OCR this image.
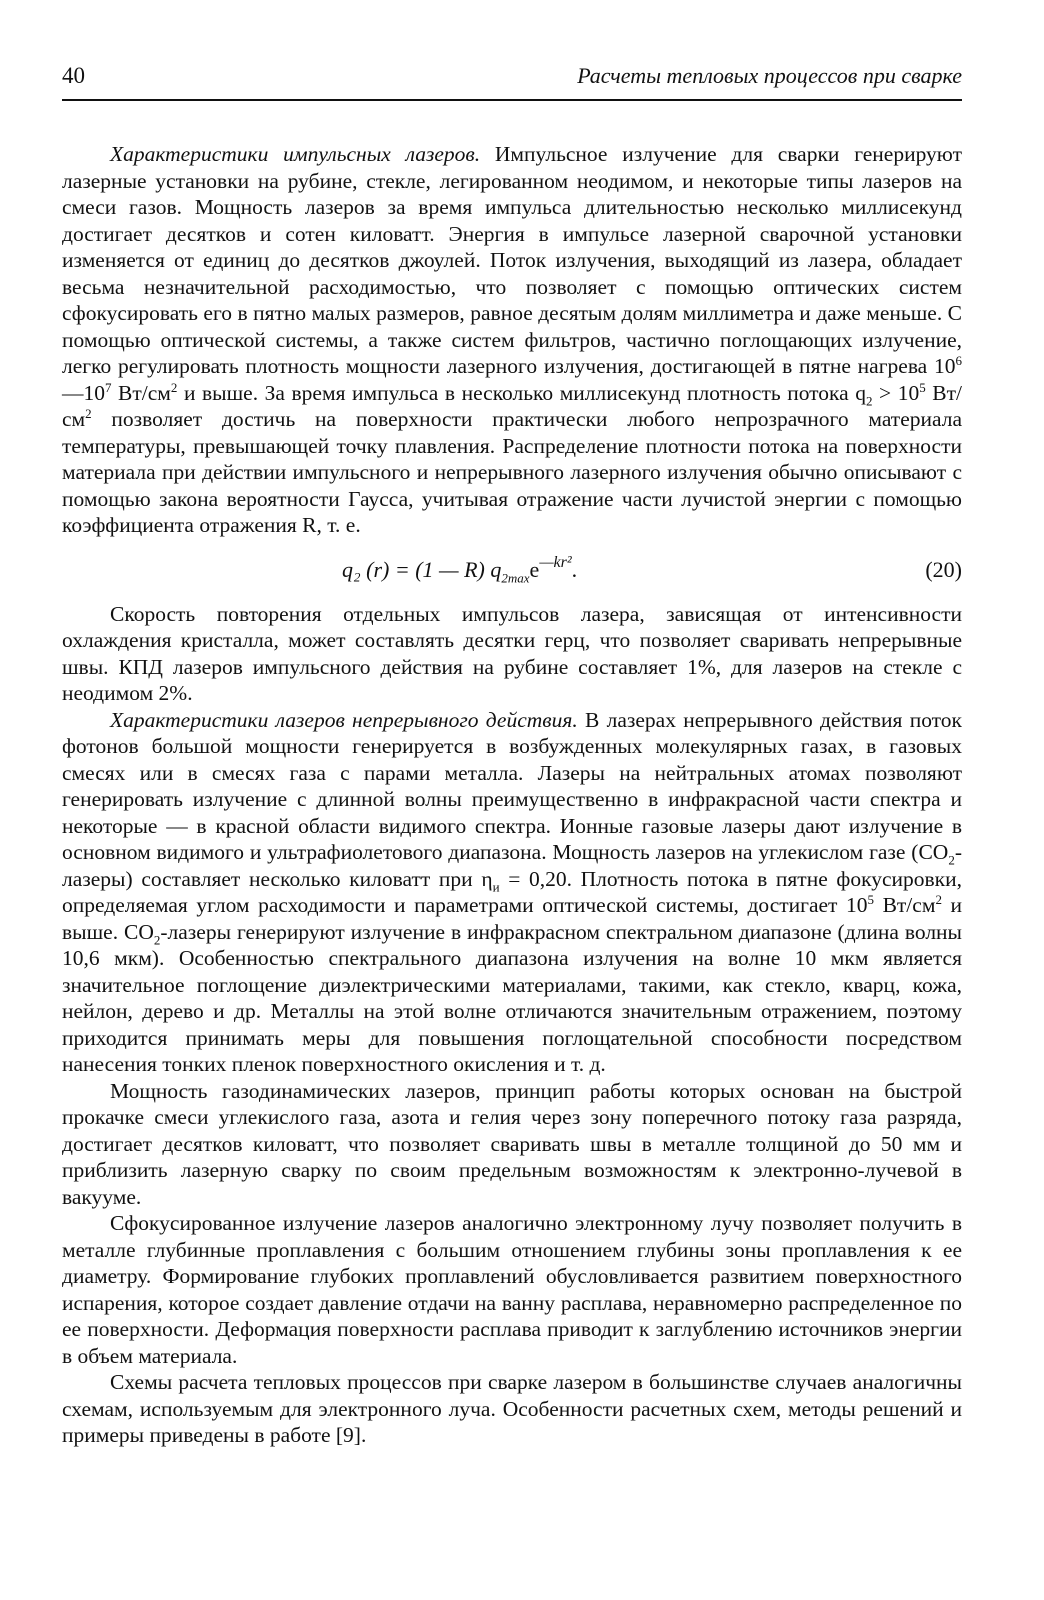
40	Расчеты тепловых процессов при сварке

Характеристики импульсных лазеров. Импульсное излучение для сварки генерируют лазерные установки на рубине, стекле, легированном неодимом, и некоторые типы лазеров на смеси газов. Мощность лазеров за время импульса длительностью несколько миллисекунд достигает десятков и сотен киловатт. Энергия в импульсе лазерной сварочной установки изменяется от единиц до десятков джоулей. Поток излучения, выходящий из лазера, обладает весьма незначительной расходимостью, что позволяет с помощью оптических систем сфокусировать его в пятно малых размеров, равное десятым долям миллиметра и даже меньше. С помощью оптической системы, а также систем фильтров, частично поглощающих излучение, легко регулировать плотность мощности лазерного излучения, достигающей в пятне нагрева $10^6—10^7$ $Вт/см^2$ и выше. За время импульса в несколько миллисекунд плотность потока $q_2 > 10^5$ $Вт/см^2$ позволяет достичь на поверхности практически любого непрозрачного материала температуры, превышающей точку плавления. Распределение плотности потока на поверхности материала при действии импульсного и непрерывного лазерного излучения обычно описывают с помощью закона вероятности Гаусса, учитывая отражение части лучистой энергии с помощью коэффициента отражения R, т. е.

q₂ (r) = (1 — R) $q_{2max}e^{—kr^2}$.	(20)

Скорость повторения отдельных импульсов лазера, зависящая от интенсивности охлаждения кристалла, может составлять десятки герц, что позволяет сваривать непрерывные швы. КПД лазеров импульсного действия на рубине составляет 1%, для лазеров на стекле с неодимом 2%.

Характеристики лазеров непрерывного действия. В лазерах непрерывного действия поток фотонов большой мощности генерируется в возбужденных молекулярных газах, в газовых смесях или в смесях газа с парами металла. Лазеры на нейтральных атомах позволяют генерировать излучение с длинной волны преимущественно в инфракрасной части спектра и некоторые — в красной области видимого спектра. Ионные газовые лазеры дают излучение в основном видимого и ультрафиолетового диапазона. Мощность лазеров на углекислом газе $(CO_2-лазеры)$ составляет несколько киловатт при $\eta_и = 0,20$. Плотность потока в пятне фокусировки, определяемая углом расходимости и параметрами оптической системы, достигает $10^5$ $Вт/см^2$ и выше. $CO_2$-лазеры генерируют излучение в инфракрасном спектральном диапазоне (длина волны 10,6 мкм). Особенностью спектрального диапазона излучения на волне 10 мкм является значительное поглощение диэлектрическими материалами, такими, как стекло, кварц, кожа, нейлон, дерево и др. Металлы на этой волне отличаются значительным отражением, поэтому приходится принимать меры для повышения поглощательной способности посредством нанесения тонких пленок поверхностного окисления и т. д.

Мощность газодинамических лазеров, принцип работы которых основан на быстрой прокачке смеси углекислого газа, азота и гелия через зону поперечного потоку газа разряда, достигает десятков киловатт, что позволяет сваривать швы в металле толщиной до 50 мм и приблизить лазерную сварку по своим предельным возможностям к электронно-лучевой в вакууме.

Сфокусированное излучение лазеров аналогично электронному лучу позволяет получить в металле глубинные проплавления с большим отношением глубины зоны проплавления к ее диаметру. Формирование глубоких проплавлений обусловливается развитием поверхностного испарения, которое создает давление отдачи на ванну расплава, неравномерно распределенное по ее поверхности. Деформация поверхности расплава приводит к заглублению источников энергии в объем материала.

Схемы расчета тепловых процессов при сварке лазером в большинстве случаев аналогичны схемам, используемым для электронного луча. Особенности расчетных схем, методы решений и примеры приведены в работе [9].
